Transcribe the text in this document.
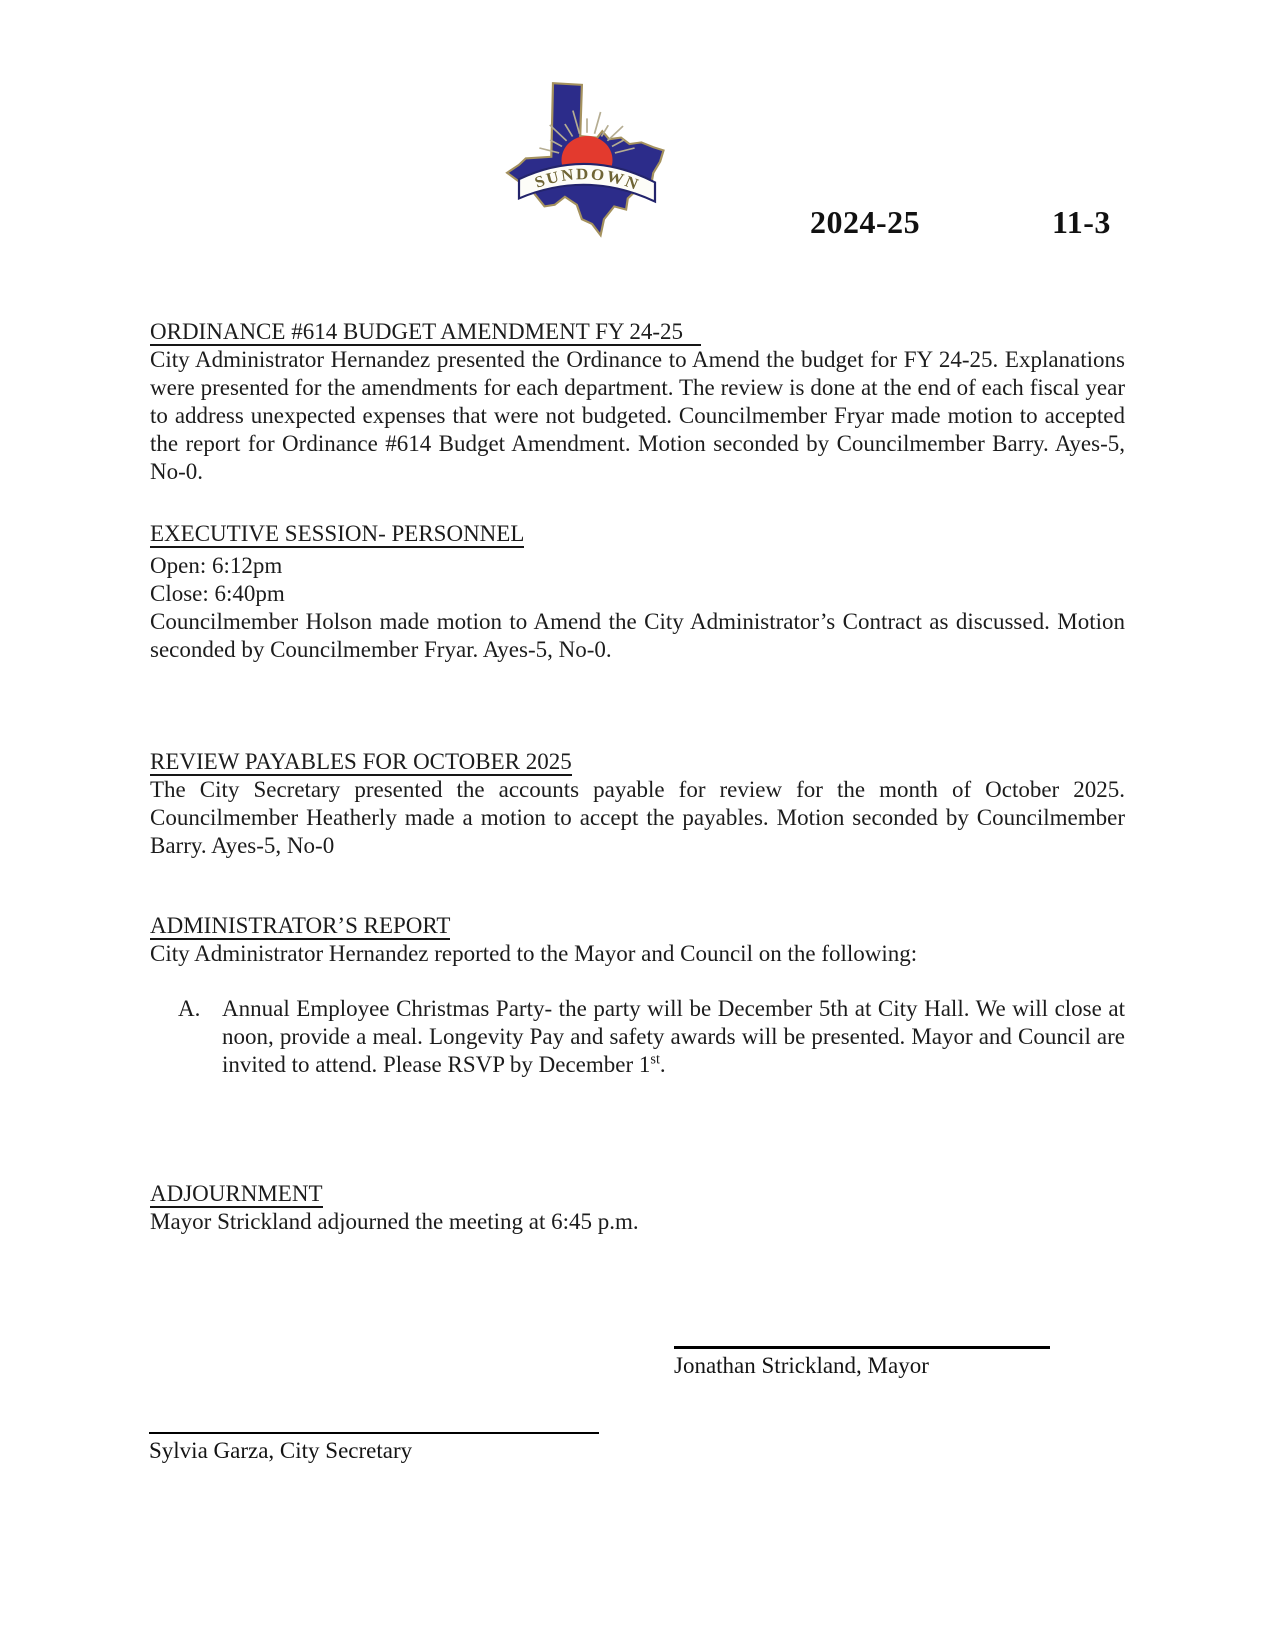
SUNDOWN
2024-25	11-3
ORDINANCE #614 BUDGET AMENDMENT FY 24-25

City Administrator Hernandez presented the Ordinance to Amend the budget for FY 24-25. Explanations were presented for the amendments for each department. The review is done at the end of each fiscal year to address unexpected expenses that were not budgeted. Councilmember Fryar made motion to accepted the report for Ordinance #614 Budget Amendment. Motion seconded by Councilmember Barry. Ayes-5, No-0.

EXECUTIVE SESSION- PERSONNEL
Open: 6:12pm
Close: 6:40pm

Councilmember Holson made motion to Amend the City Administrator’s Contract as discussed. Motion seconded by Councilmember Fryar. Ayes-5, No-0.

REVIEW PAYABLES FOR OCTOBER 2025

The City Secretary presented the accounts payable for review for the month of October 2025. Councilmember Heatherly made a motion to accept the payables. Motion seconded by Councilmember Barry. Ayes-5, No-0

ADMINISTRATOR’S REPORT

City Administrator Hernandez reported to the Mayor and Council on the following:

A. Annual Employee Christmas Party- the party will be December 5th at City Hall. We will close at noon, provide a meal. Longevity Pay and safety awards will be presented. Mayor and Council are invited to attend. Please RSVP by December 1st.

ADJOURNMENT

Mayor Strickland adjourned the meeting at 6:45 p.m.

Jonathan Strickland, Mayor
Sylvia Garza, City Secretary
